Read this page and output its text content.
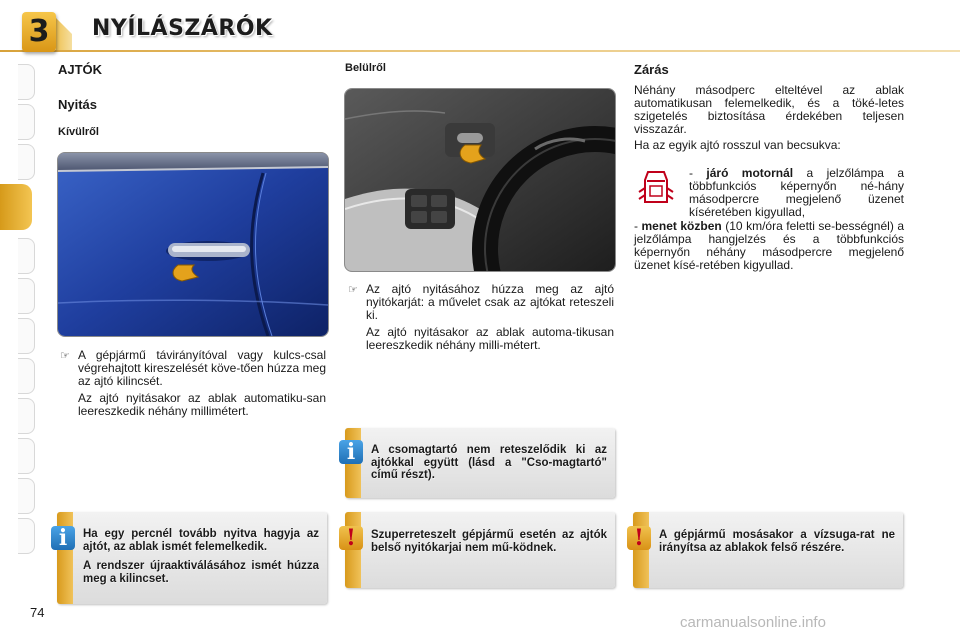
3 NYÍLÁSZÁRÓK
AJTÓK
Nyitás
Kívülről
☞ A gépjármű távirányítóval vagy kulcs-csal végrehajtott kireszelését köve-tően húzza meg az ajtó kilincsét.
Az ajtó nyitásakor az ablak automatiku-san leereszkedik néhány millimétert.
Belülről
☞ Az ajtó nyitásához húzza meg az ajtó nyitókarját: a művelet csak az ajtókat reteszeli ki.
Az ajtó nyitásakor az ablak automa-tikusan leereszkedik néhány milli-métert.
Zárás
Néhány másodperc elteltével az ablak automatikusan felemelkedik, és a töké-letes szigetelés biztosítása érdekében teljesen visszazár.
Ha az egyik ajtó rosszul van becsukva:
- járó motornál a jelzőlámpa a többfunkciós képernyőn né-hány másodpercre megjelenő üzenet kíséretében kigyullad,
- menet közben (10 km/óra feletti se-bességnél) a jelzőlámpa hangjelzés és a többfunkciós képernyőn néhány másodpercre megjelenő üzenet kísé-retében kigyullad.
i	A csomagtartó nem reteszelődik ki az ajtókkal együtt (lásd a "Cso-magtartó" című részt).
i	Ha egy percnél tovább nyitva hagyja az ajtót, az ablak ismét felemelkedik.
A rendszer újraaktiválásához ismét húzza meg a kilincset.
!	Szuperreteszelt gépjármű esetén az ajtók belső nyitókarjai nem mű-ködnek.	!	A gépjármű mosásakor a vízsuga-rat ne irányítsa az ablakok felső részére.
74
carmanualsonline.info
